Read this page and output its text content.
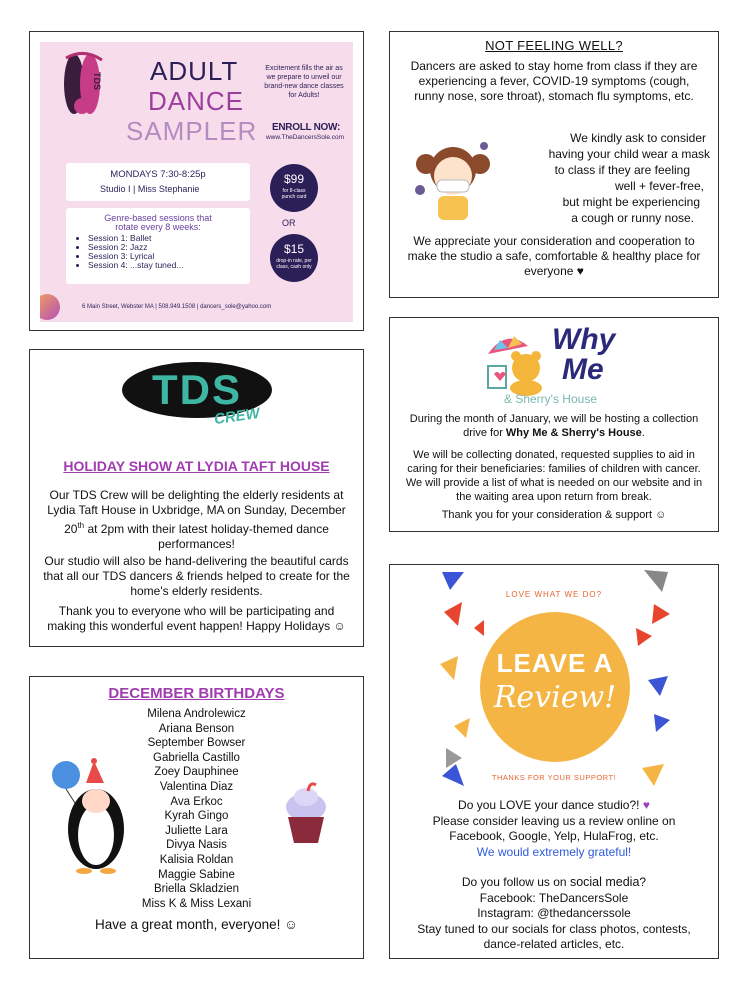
TDS ADULT
DANCE
SAMPLER
Excitement fills the air as we prepare to unveil our brand-new dance classes for Adults!
ENROLL NOW:
www.TheDancersSole.com
MONDAYS 7:30-8:25p
Studio I | Miss Stephanie
Genre-based sessions that rotate every 8 weeks:
• Session 1: Ballet
• Session 2: Jazz
• Session 3: Lyrical
• Session 4: ...stay tuned...
$99
for 8-class punch card
OR
$15
drop-in rate, per class, cash only
6 Main Street, Webster MA | 508.949.1508 | dancers_sole@yahoo.com
NOT FEELING WELL?

Dancers are asked to stay home from class if they are experiencing a fever, COVID-19 symptoms (cough, runny nose, sore throat), stomach flu symptoms, etc.

We kindly ask to consider
having your child wear a mask
to class if they are feeling
well + fever-free,
but might be experiencing
a cough or runny nose.

We appreciate your consideration and cooperation to make the studio a safe, comfortable & healthy place for everyone ♥

TDS
CREW
HOLIDAY SHOW AT LYDIA TAFT HOUSE

Our TDS Crew will be delighting the elderly residents at Lydia Taft House in Uxbridge, MA on Sunday, December 20th at 2pm with their latest holiday-themed dance performances!

Our studio will also be hand-delivering the beautiful cards that all our TDS dancers & friends helped to create for the home's elderly residents.

Thank you to everyone who will be participating and making this wonderful event happen! Happy Holidays ☺

Why
Me
& Sherry's House

During the month of January, we will be hosting a collection drive for Why Me & Sherry's House.

We will be collecting donated, requested supplies to aid in caring for their beneficiaries: families of children with cancer. We will provide a list of what is needed on our website and in the waiting area upon return from break.

Thank you for your consideration & support ☺

DECEMBER BIRTHDAYS
Milena Androlewicz
Ariana Benson
September Bowser
Gabriella Castillo
Zoey Dauphinee
Valentina Diaz
Ava Erkoc
Kyrah Gingo
Juliette Lara
Divya Nasis
Kalisia Roldan
Maggie Sabine
Briella Skladzien
Miss K & Miss Lexani
Have a great month, everyone! ☺
LOVE WHAT WE DO?
LEAVE A
Review!
THANKS FOR YOUR SUPPORT!
Do you LOVE your dance studio?! ♥
Please consider leaving us a review online on Facebook, Google, Yelp, HulaFrog, etc.
We would extremely grateful!
Do you follow us on social media?
Facebook: TheDancersSole
Instagram: @thedancerssole
Stay tuned to our socials for class photos, contests, dance-related articles, etc.
